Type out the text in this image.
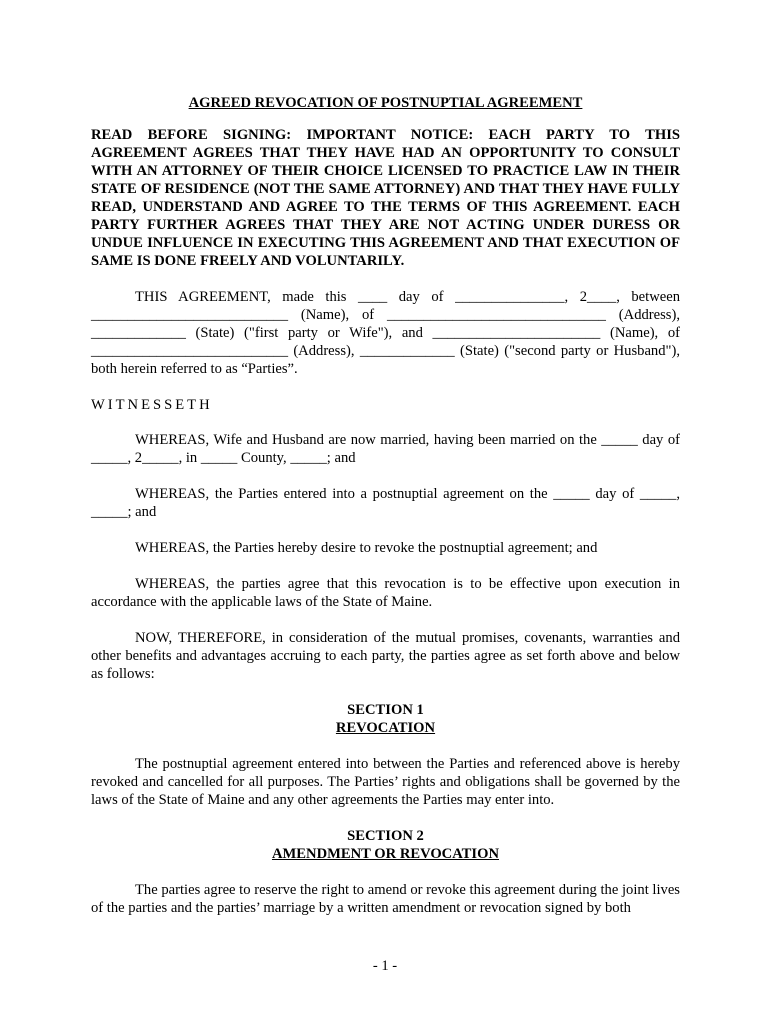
AGREED REVOCATION OF POSTNUPTIAL AGREEMENT
READ BEFORE SIGNING: IMPORTANT NOTICE: EACH PARTY TO THIS AGREEMENT AGREES THAT THEY HAVE HAD AN OPPORTUNITY TO CONSULT WITH AN ATTORNEY OF THEIR CHOICE LICENSED TO PRACTICE LAW IN THEIR STATE OF RESIDENCE (NOT THE SAME ATTORNEY) AND THAT THEY HAVE FULLY READ, UNDERSTAND AND AGREE TO THE TERMS OF THIS AGREEMENT. EACH PARTY FURTHER AGREES THAT THEY ARE NOT ACTING UNDER DURESS OR UNDUE INFLUENCE IN EXECUTING THIS AGREEMENT AND THAT EXECUTION OF SAME IS DONE FREELY AND VOLUNTARILY.

THIS AGREEMENT, made this ____ day of _______________, 2____, between ___________________________ (Name), of ______________________________ (Address), _____________ (State) ("first party or Wife"), and _______________________ (Name), of ___________________________ (Address), _____________ (State) ("second party or Husband"), both herein referred to as “Parties”.

WITNESSETH

WHEREAS, Wife and Husband are now married, having been married on the _____ day of _____, 2_____, in _____ County, _____; and

WHEREAS, the Parties entered into a postnuptial agreement on the _____ day of _____, _____; and

WHEREAS, the Parties hereby desire to revoke the postnuptial agreement; and

WHEREAS, the parties agree that this revocation is to be effective upon execution in accordance with the applicable laws of the State of Maine.

NOW, THEREFORE, in consideration of the mutual promises, covenants, warranties and other benefits and advantages accruing to each party, the parties agree as set forth above and below as follows:

SECTION 1
REVOCATION

The postnuptial agreement entered into between the Parties and referenced above is hereby revoked and cancelled for all purposes. The Parties’ rights and obligations shall be governed by the laws of the State of Maine and any other agreements the Parties may enter into.

SECTION 2
AMENDMENT OR REVOCATION

The parties agree to reserve the right to amend or revoke this agreement during the joint lives of the parties and the parties’ marriage by a written amendment or revocation signed by both

- 1 -
